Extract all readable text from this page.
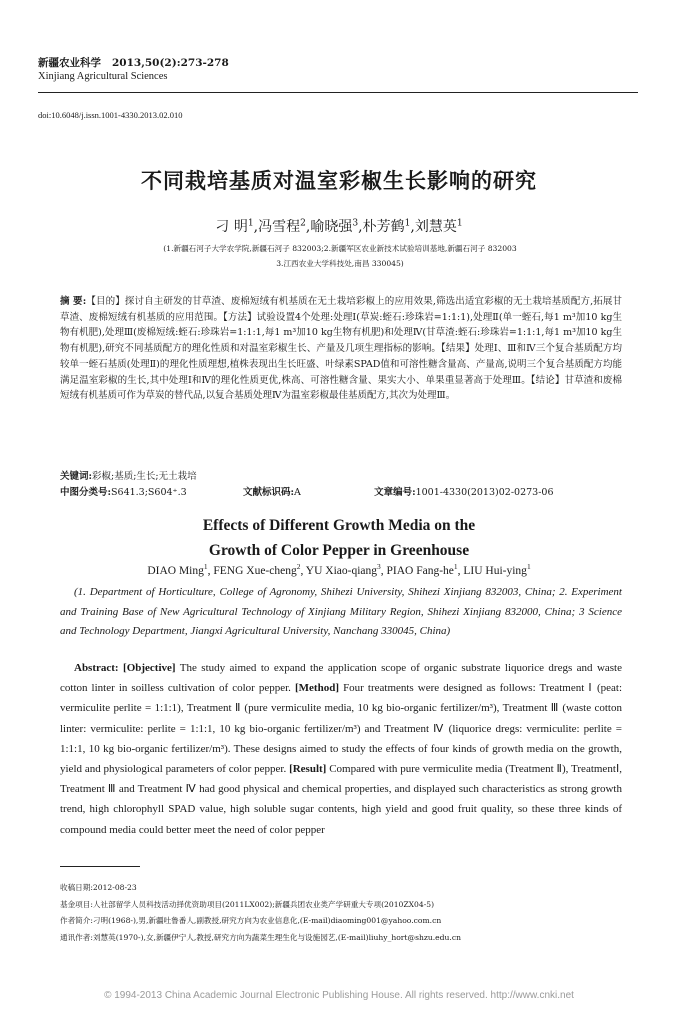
新疆农业科学 2013,50(2):273-278
Xinjiang Agricultural Sciences
doi:10.6048/j.issn.1001-4330.2013.02.010
不同栽培基质对温室彩椒生长影响的研究
刁 明$^1$,冯雪程$^2$,喻晓强$^3$,朴芳鹤$^1$,刘慧英$^1$
(1.新疆石河子大学农学院,新疆石河子 832003;2.新疆军区农业新技术试验培训基地,新疆石河子 832003
3.江西农业大学科技处,南昌 330045)
摘 要:【目的】探讨自主研发的甘草渣、废棉短绒有机基质在无土栽培彩椒上的应用效果,筛选出适宜彩椒的无土栽培基质配方,拓展甘草渣、废棉短绒有机基质的应用范围。【方法】试验设置4个处理:处理Ⅰ(草炭:蛭石:珍珠岩=1:1:1),处理Ⅱ(单一蛭石,每1 m³加10 kg生物有机肥),处理Ⅲ(废棉短绒:蛭石:珍珠岩=1:1:1,每1 m³加10 kg生物有机肥)和处理Ⅳ(甘草渣:蛭石:珍珠岩=1:1:1,每1 m³加10 kg生物有机肥),研究不同基质配方的理化性质和对温室彩椒生长、产量及几项生理指标的影响。【结果】处理Ⅰ、Ⅲ和Ⅳ三个复合基质配方均较单一蛭石基质(处理Ⅱ)的理化性质理想,植株表现出生长旺盛、叶绿素SPAD值和可溶性糖含量高、产量高,说明三个复合基质配方均能满足温室彩椒的生长,其中处理Ⅰ和Ⅳ的理化性质更优,株高、可溶性糖含量、果实大小、单果重显著高于处理Ⅲ。【结论】甘草渣和废棉短绒有机基质可作为草炭的替代品,以复合基质处理Ⅳ为温室彩椒最佳基质配方,其次为处理Ⅲ。
关键词:彩椒;基质;生长;无土栽培
中图分类号:S641.3;S604⁺.3	文献标识码:A	文章编号:1001-4330(2013)02-0273-06
Effects of Different Growth Media on the
Growth of Color Pepper in Greenhouse
DIAO Ming$^1$, FENG Xue-cheng$^2$, YU Xiao-qiang$^3$, PIAO Fang-$he^1$, LIU Hui-ying$^1$
(1. Department of Horticulture, College of Agronomy, Shihezi University, Shihezi Xinjiang 832003, China; 2. Experiment and Training Base of New Agricultural Technology of Xinjiang Military Region, Shihezi Xinjiang 832000, China; 3 Science and Technology Department, Jiangxi Agricultural University, Nanchang 330045, China)
Abstract: [Objective] The study aimed to expand the application scope of organic substrate liquorice dregs and waste cotton linter in soilless cultivation of color pepper. [Method] Four treatments were designed as follows: Treatment Ⅰ (peat: vermiculite perlite = 1:1:1), Treatment Ⅱ (pure vermiculite media, 10 kg bio-organic fertilizer/m³), Treatment Ⅲ (waste cotton linter: vermiculite: perlite = 1:1:1, 10 kg bio-organic fertilizer/m³) and Treatment Ⅳ (liquorice dregs: vermiculite: perlite = 1:1:1, 10 kg bio-organic fertilizer/m³). These designs aimed to study the effects of four kinds of growth media on the growth, yield and physiological parameters of color pepper. [Result] Compared with pure vermiculite media (Treatment Ⅱ), TreatmentⅠ, Treatment Ⅲ and Treatment Ⅳ had good physical and chemical properties, and displayed such characteristics as strong growth trend, high chlorophyll SPAD value, high soluble sugar contents, high yield and good fruit quality, so these three kinds of compound media could better meet the need of color pepper
收稿日期:2012-08-23
基金项目:人社部留学人员科技活动择优资助项目(2011LX002);新疆兵团农业类产学研重大专项(2010ZX04-5)
作者简介:刁明(1968-),男,新疆吐鲁番人,副教授,研究方向为农业信息化,(E-mail)diaoming001@yahoo.com.cn
通讯作者:刘慧英(1970-),女,新疆伊宁人,教授,研究方向为蔬菜生理生化与设施园艺,(E-mail)liuhy_hort@shzu.edu.cn
© 1994-2013 China Academic Journal Electronic Publishing House. All rights reserved. http://www.cnki.net
